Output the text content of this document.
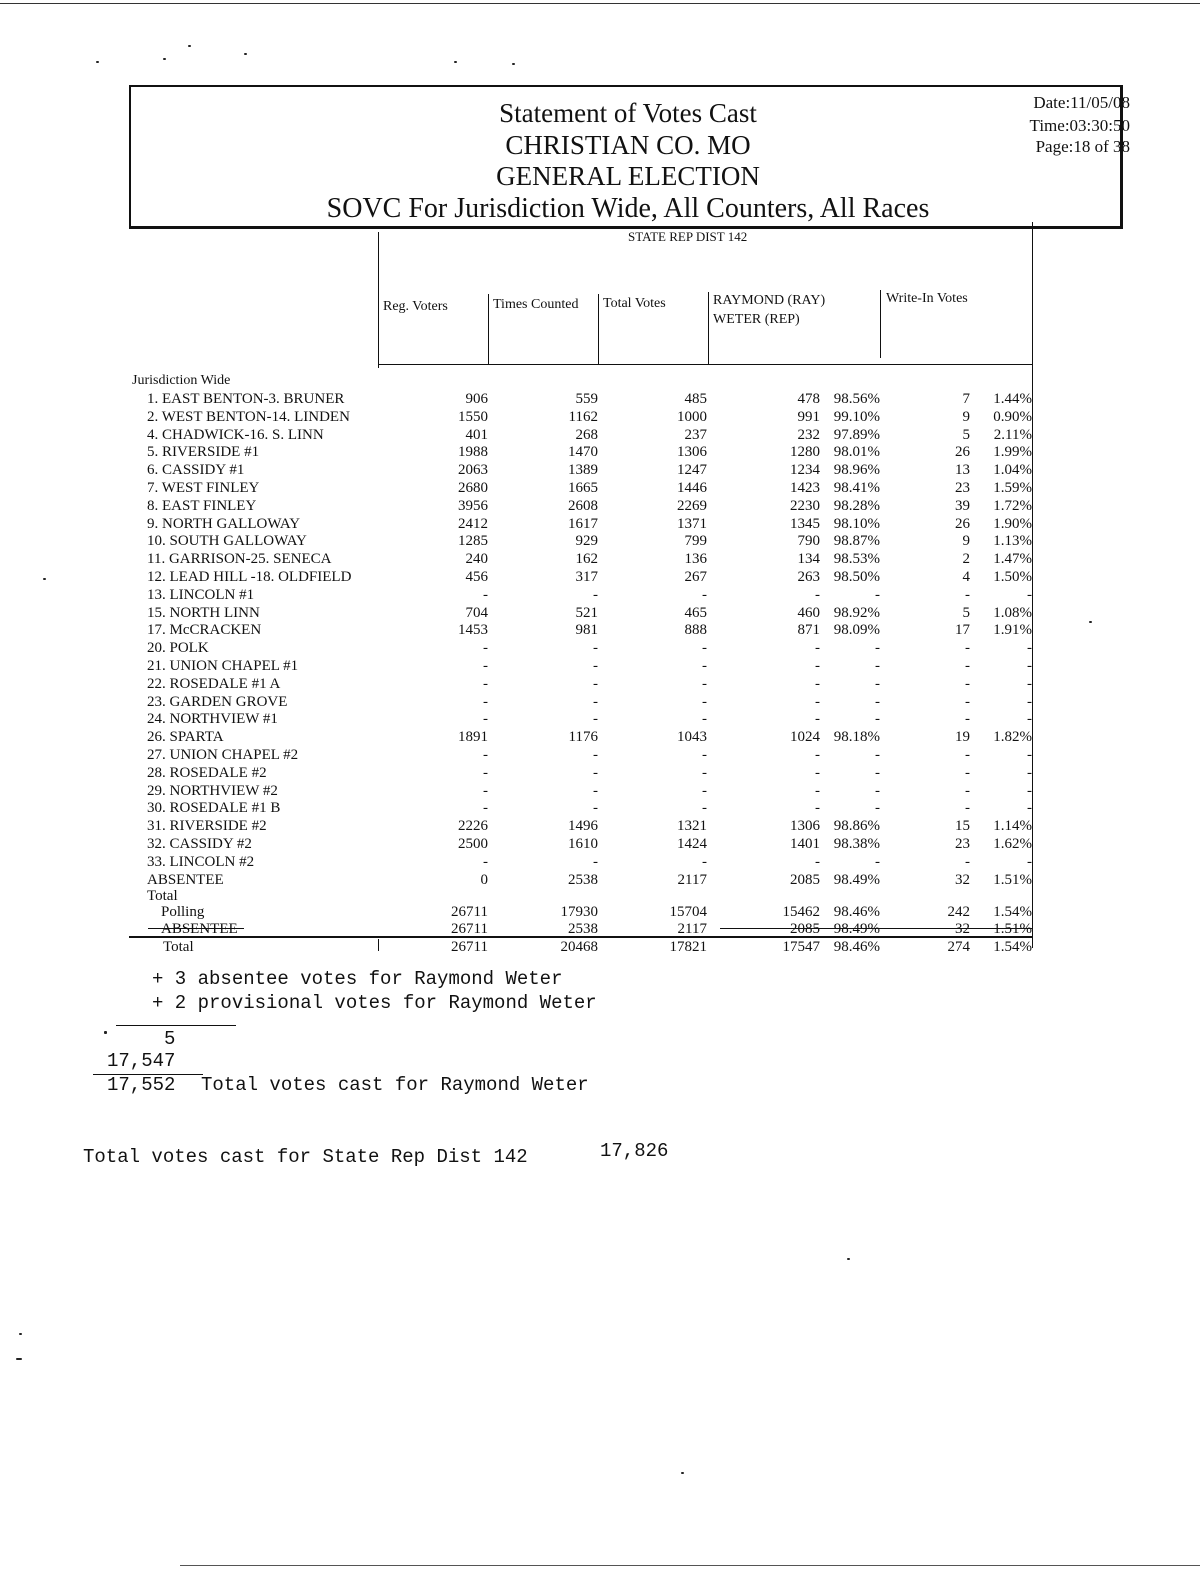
Statement of Votes Cast
CHRISTIAN CO. MO
GENERAL ELECTION
SOVC For Jurisdiction Wide, All Counters, All Races
Date:11/05/08
Time:03:30:50
Page:18 of 38
STATE REP DIST 142
Reg. Voters	Times Counted Total Votes	RAYMOND (RAY)
WETER (REP)
Write-In Votes
Jurisdiction Wide
1. EAST BENTON-3. BRUNER	906	559	485	478 98.56%	7	1.44%
2. WEST BENTON-14. LINDEN	1550	1162	1000	991 99.10%	9	0.90%
4. CHADWICK-16. S. LINN	401	268	237	232 97.89%	5	2.11%
5. RIVERSIDE #1	1988	1470	1306	1280 98.01%	26	1.99%
6. CASSIDY #1	2063	1389	1247	1234 98.96%	13	1.04%
7. WEST FINLEY	2680	1665	1446	1423 98.41%	23	1.59%
8. EAST FINLEY	3956	2608	2269	2230 98.28%	39	1.72%
9. NORTH GALLOWAY	2412	1617	1371	1345 98.10%	26	1.90%
10. SOUTH GALLOWAY	1285	929	799	790 98.87%	9	1.13%
11. GARRISON-25. SENECA	240	162	136	134 98.53%	2	1.47%
12. LEAD HILL -18. OLDFIELD	456	317	267	263 98.50%	4	1.50%
13. LINCOLN #1	-	-	-	-	-	-	-
15. NORTH LINN	704	521	465	460 98.92%	5	1.08%
17. McCRACKEN	1453	981	888	871 98.09%	17	1.91%
20. POLK	-	-	-	-	-	-	-
21. UNION CHAPEL #1	-	-	-	-	-	-	-
22. ROSEDALE #1 A	-	-	-	-	-	-	-
23. GARDEN GROVE	-	-	-	-	-	-	-
24. NORTHVIEW #1	-	-	-	-	-	-	-
26. SPARTA	1891	1176	1043	1024 98.18%	19	1.82%
27. UNION CHAPEL #2	-	-	-	-	-	-	-
28. ROSEDALE #2	-	-	-	-	-	-	-
29. NORTHVIEW #2	-	-	-	-	-	-	-
30. ROSEDALE #1 B	-	-	-	-	-	-	-
31. RIVERSIDE #2	2226	1496	1321	1306 98.86%	15	1.14%
32. CASSIDY #2	2500	1610	1424	1401 98.38%	23	1.62%
33. LINCOLN #2	-	-	-	-	-	-	-
ABSENTEE	0	2538	2117	2085 98.49%	32	1.51%
Total
Polling	26711	17930	15704	15462 98.46%	242	1.54%
ABSENTEE	26711	2538	2117	2085 98.49%	32	1.51%
Total	26711	20468	17821	17547 98.46%	274	1.54%
+ 3 absentee votes for Raymond Weter
+ 2 provisional votes for Raymond Weter
5
17,547
17,552 Total votes cast for Raymond Weter
Total votes cast for State Rep Dist 142	17,826
